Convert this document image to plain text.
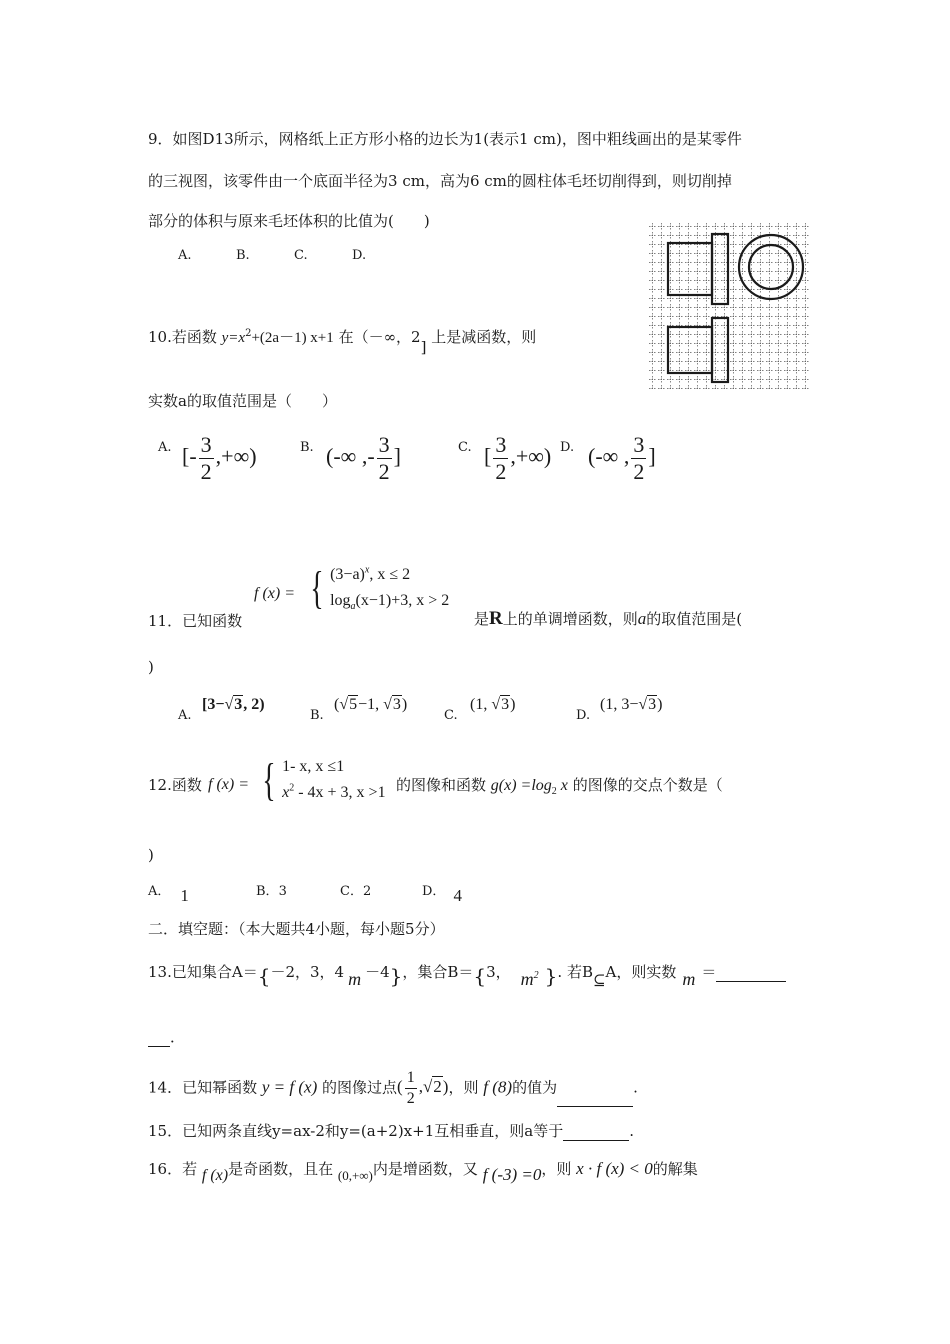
9．如图D13所示，网格纸上正方形小格的边长为1(表示1 cm)，图中粗线画出的是某零件
的三视图，该零件由一个底面半径为3 cm，高为6 cm的圆柱体毛坯切削得到，则切削掉
部分的体积与原来毛坯体积的比值为(　　)
A.	B.	C.	D.
10.若函数 $y=x^2+(2a-1)$ x+1 在（－∞，2] 上是减函数，则
实数a的取值范围是（　　）
A. [- $\frac{3}{2}$ ,+∞)	B. (-∞ ,- $\frac{3}{2}$ ]	C. [ $\frac{3}{2}$ ,+∞) D. (-∞ , $\frac{3}{2}$ ]
f (x) = { $(3-a)^x$, x ≤ 2
$\log_a(x-1)+3$, x > 2
11．已知函数	是R上的单调增函数，则a的取值范围是(
)
A.
[3−√3, 2)
B.
(√5−1, √3)
C.
(1, √3)
D.
(1, 3−√3)
12.函数 f (x) = { 1- x, x ≤1
$x^2 - 4x + 3$, x >1 的图像和函数 $g(x) =\log_2$ x 的图像的交点个数是（
)
A． 1	B．3	C．2	D． 4
二．填空题：（本大题共4小题，每小题5分）
13.已知集合A＝{－2，3，4 m －4}，集合B＝{3， $m^2$ }. 若B⊆A，则实数 m ＝
．
14．已知幂函数 y = f (x) 的图像过点( $\frac{1}{2} ,√2$)，则 f (8)的值为	.
15．已知两条直线y=ax-2和y=(a+2)x+1互相垂直，则a等于	.
16．若 f (x)是奇函数，且在 (0,+∞)内是增函数，又 f (-3) =0，则 x · f (x) < 0的解集
